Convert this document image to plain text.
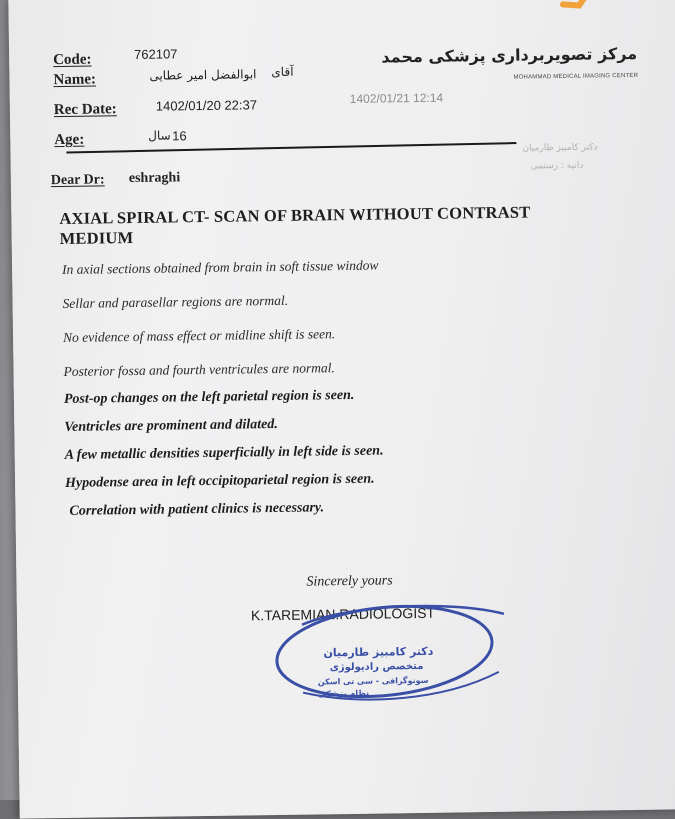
مرکز تصویربرداری پزشکی محمد
MOHAMMAD MEDICAL IMAGING CENTER
دکتر کامبیز طارمیان
دانیه : رستمی
Code:	762107
Name:	ابوالفضل امیر عطایی آقای
Rec Date:	1402/01/20 22:37	1402/01/21 12:14
Age:	16
سال
Dear Dr: eshraghi
AXIAL SPIRAL CT- SCAN OF BRAIN WITHOUT CONTRAST MEDIUM
In axial sections obtained from brain in soft tissue window
Sellar and parasellar regions are normal.
No evidence of mass effect or midline shift is seen.
Posterior fossa and fourth ventricules are normal.
Post-op changes on the left parietal region is seen.
Ventricles are prominent and dilated.
A few metallic densities superficially in left side is seen.
Hypodense area in left occipitoparietal region is seen.
Correlation with patient clinics is necessary.
Sincerely yours
K.TAREMIAN.RADIOLOGIST
دکتر کامبیز طارمیان
متخصص رادیولوژی
سونوگرافی - سی تی اسکن
نظام پزشکی
